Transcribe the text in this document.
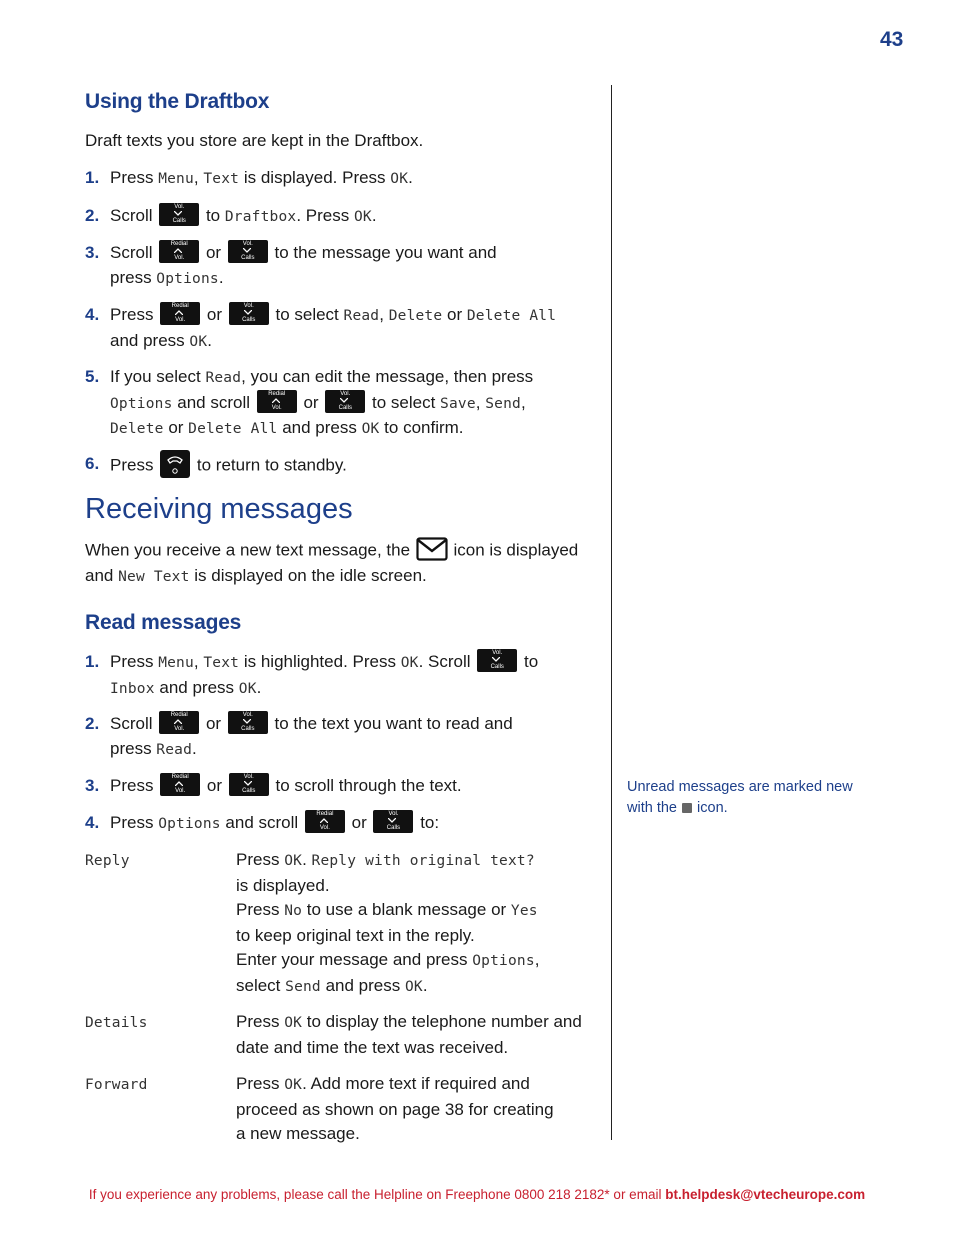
43
Using the Draftbox
Draft texts you store are kept in the Draftbox.
1. Press Menu, Text is displayed. Press OK.
2. Scroll	Vol.
Calls to Draftbox. Press OK.
3. Scroll	Redial
Vol.	or	Vol.
Calls to the message you want and
press Options.
4. Press	Redial
Vol.	or	Vol.
Calls to select Read, Delete or Delete All
and press OK.
5. If you select Read, you can edit the message, then press
Options and scroll	Redial
Vol.	or	Vol.
Calls to select Save, Send,
Delete or Delete All and press OK to confirm.
6. Press  to return to standby.
Receiving messages
When you receive a new text message, the  icon is displayed
and New Text is displayed on the idle screen.
Read messages
1. Press Menu, Text is highlighted. Press OK. Scroll	Vol.
Calls to
Inbox and press OK.
2. Scroll	Redial
Vol.	or	Vol.
Calls to the text you want to read and
press Read.
3. Press	Redial
Vol.	or	Vol.
Calls to scroll through the text.
4. Press Options and scroll	Redial
Vol.	or	Vol.
Calls to:
Reply	Press OK. Reply with original text?
is displayed.
Press No to use a blank message or Yes
to keep original text in the reply.
Enter your message and press Options,
select Send and press OK.
Details	Press OK to display the telephone number and
date and time the text was received.
Forward	Press OK. Add more text if required and
proceed as shown on page 38 for creating
a new message.
Unread messages are marked new
with the  icon.
If you experience any problems, please call the Helpline on Freephone 0800 218 2182* or email bt.helpdesk@vtecheurope.com
